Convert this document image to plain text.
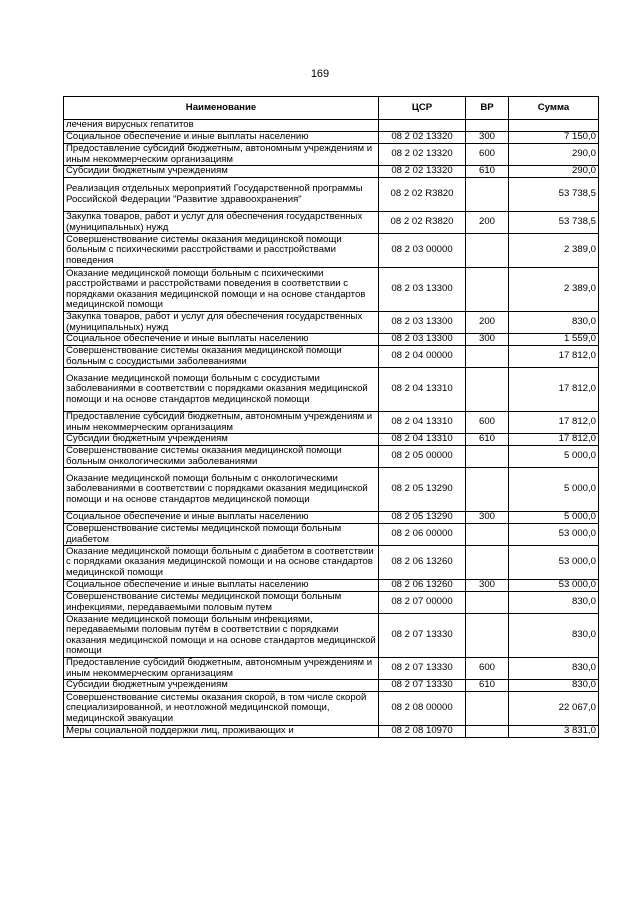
169
Наименование	ЦСР	ВР	Сумма
лечения вирусных гепатитов			
Социальное обеспечение и иные выплаты населению	08 2 02 13320	300	7 150,0
Предоставление субсидий бюджетным, автономным учреждениям и иным некоммерческим организациям	08 2 02 13320	600	290,0
Субсидии бюджетным учреждениям	08 2 02 13320	610	290,0
Реализация отдельных мероприятий Государственной программы Российской Федерации "Развитие здравоохранения"	08 2 02 R3820		53 738,5
Закупка товаров, работ и услуг для обеспечения государственных (муниципальных) нужд	08 2 02 R3820	200	53 738,5
Совершенствование системы оказания медицинской помощи больным с психическими расстройствами и расстройствами поведения	08 2 03 00000		2 389,0
Оказание медицинской помощи больным с психическими расстройствами и расстройствами поведения в соответствии с порядками оказания медицинской помощи и на основе стандартов медицинской помощи	08 2 03 13300		2 389,0
Закупка товаров, работ и услуг для обеспечения государственных (муниципальных) нужд	08 2 03 13300	200	830,0
Социальное обеспечение и иные выплаты населению	08 2 03 13300	300	1 559,0
Совершенствование системы оказания медицинской помощи больным с сосудистыми заболеваниями	08 2 04 00000		17 812,0
Оказание медицинской помощи больным с сосудистыми заболеваниями в соответствии с порядками оказания медицинской помощи и на основе стандартов медицинской помощи	08 2 04 13310		17 812,0
Предоставление субсидий бюджетным, автономным учреждениям и иным некоммерческим организациям	08 2 04 13310	600	17 812,0
Субсидии бюджетным учреждениям	08 2 04 13310	610	17 812,0
Совершенствование системы оказания медицинской помощи больным онкологическими заболеваниями	08 2 05 00000		5 000,0
Оказание медицинской помощи больным с онкологическими заболеваниями в соответствии с порядками оказания медицинской помощи и на основе стандартов медицинской помощи	08 2 05 13290		5 000,0
Социальное обеспечение и иные выплаты населению	08 2 05 13290	300	5 000,0
Совершенствование системы медицинской помощи больным диабетом	08 2 06 00000		53 000,0
Оказание медицинской помощи больным с диабетом в соответствии с порядками оказания медицинской помощи и на основе стандартов медицинской помощи	08 2 06 13260		53 000,0
Социальное обеспечение и иные выплаты населению	08 2 06 13260	300	53 000,0
Совершенствование системы медицинской помощи больным инфекциями, передаваемыми половым путем	08 2 07 00000		830,0
Оказание медицинской помощи больным инфекциями, передаваемыми половым путём в соответствии с порядками оказания медицинской помощи и на основе стандартов медицинской помощи	08 2 07 13330		830,0
Предоставление субсидий бюджетным, автономным учреждениям и иным некоммерческим организациям	08 2 07 13330	600	830,0
Субсидии бюджетным учреждениям	08 2 07 13330	610	830,0
Совершенствование системы оказания скорой, в том числе скорой специализированной, и неотложной медицинской помощи, медицинской эвакуации	08 2 08 00000		22 067,0
Меры социальной поддержки лиц, проживающих и	08 2 08 10970		3 831,0
